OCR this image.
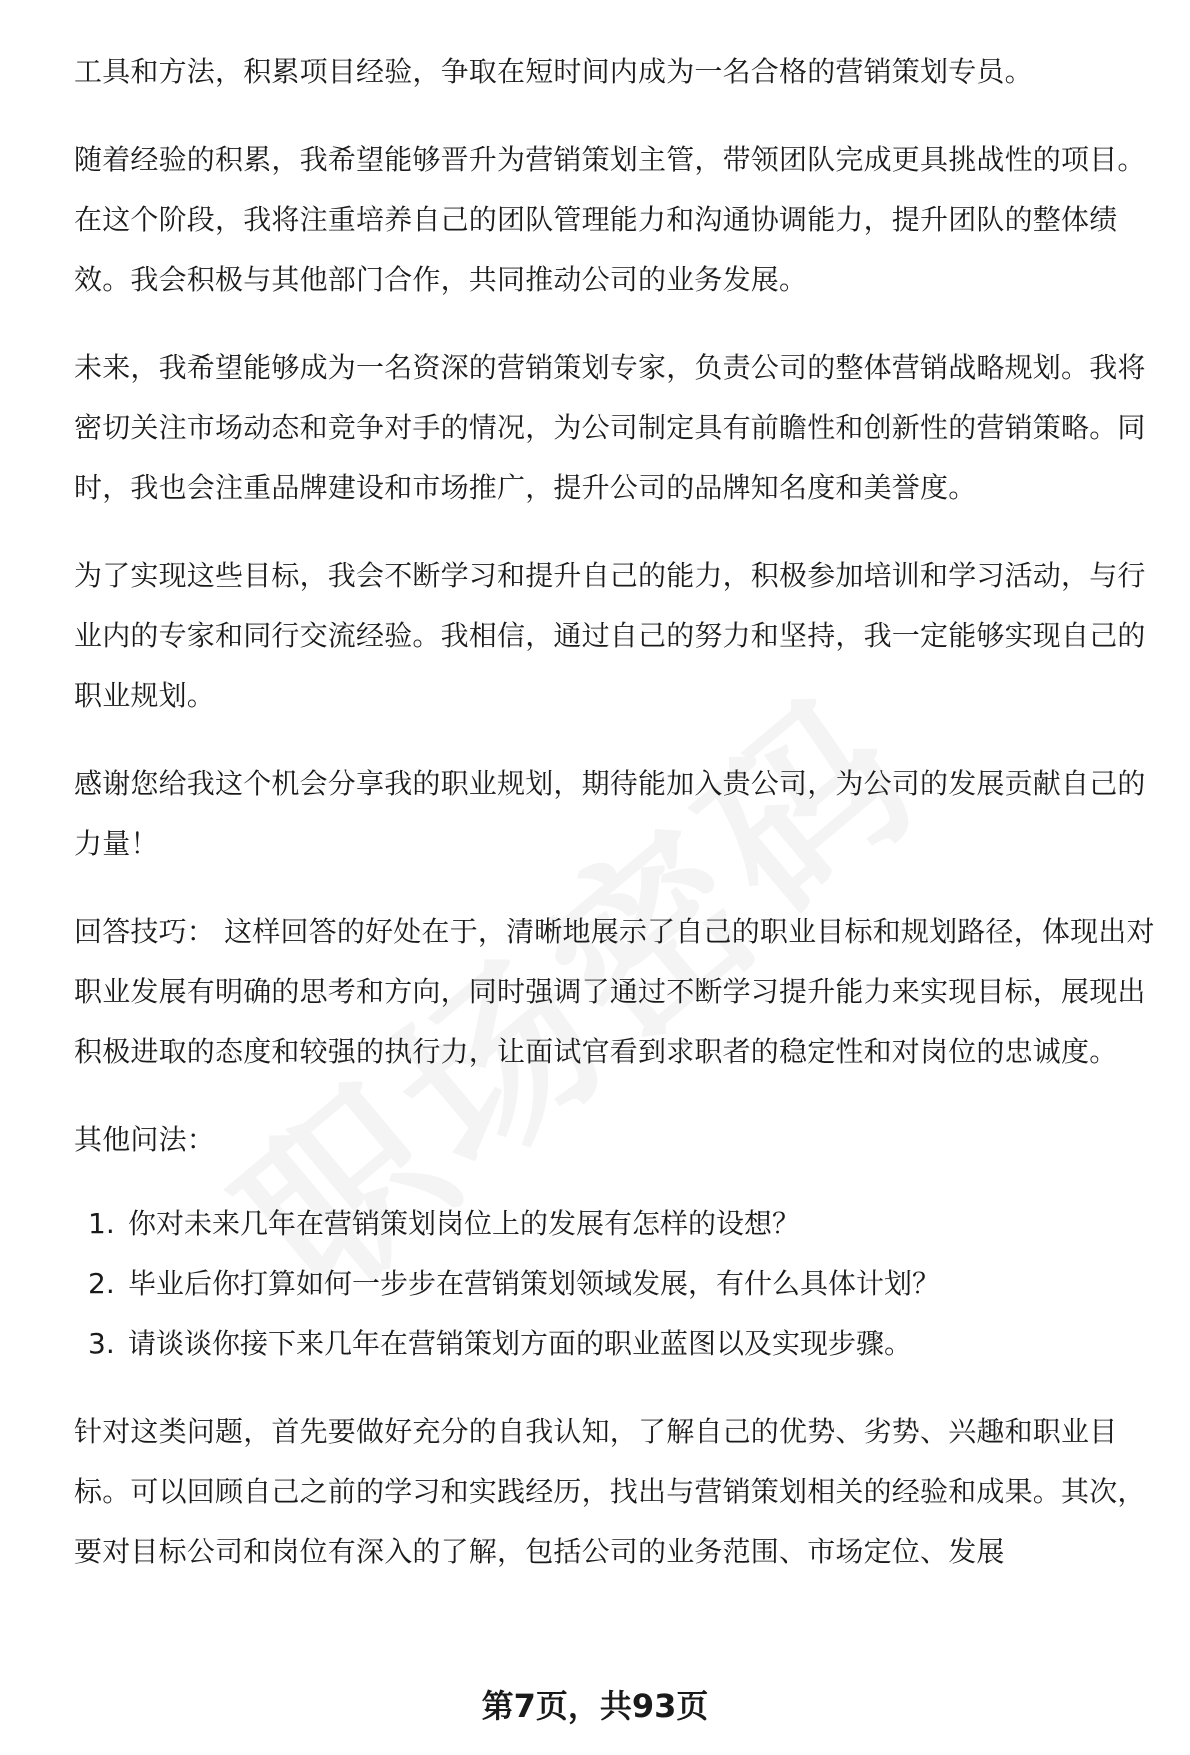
工具和方法，积累项目经验，争取在短时间内成为一名合格的营销策划专员。

随着经验的积累，我希望能够晋升为营销策划主管，带领团队完成更具挑战性的项目。在这个阶段，我将注重培养自己的团队管理能力和沟通协调能力，提升团队的整体绩效。我会积极与其他部门合作，共同推动公司的业务发展。

未来，我希望能够成为一名资深的营销策划专家，负责公司的整体营销战略规划。我将密切关注市场动态和竞争对手的情况，为公司制定具有前瞻性和创新性的营销策略。同时，我也会注重品牌建设和市场推广，提升公司的品牌知名度和美誉度。

为了实现这些目标，我会不断学习和提升自己的能力，积极参加培训和学习活动，与行业内的专家和同行交流经验。我相信，通过自己的努力和坚持，我一定能够实现自己的职业规划。

感谢您给我这个机会分享我的职业规划，期待能加入贵公司，为公司的发展贡献自己的力量！

回答技巧： 这样回答的好处在于，清晰地展示了自己的职业目标和规划路径，体现出对职业发展有明确的思考和方向，同时强调了通过不断学习提升能力来实现目标，展现出积极进取的态度和较强的执行力，让面试官看到求职者的稳定性和对岗位的忠诚度。

其他问法：

1. 你对未来几年在营销策划岗位上的发展有怎样的设想？
2. 毕业后你打算如何一步步在营销策划领域发展，有什么具体计划？
3. 请谈谈你接下来几年在营销策划方面的职业蓝图以及实现步骤。

针对这类问题，首先要做好充分的自我认知，了解自己的优势、劣势、兴趣和职业目标。可以回顾自己之前的学习和实践经历，找出与营销策划相关的经验和成果。其次，要对目标公司和岗位有深入的了解，包括公司的业务范围、市场定位、发展

第7页，共93页
